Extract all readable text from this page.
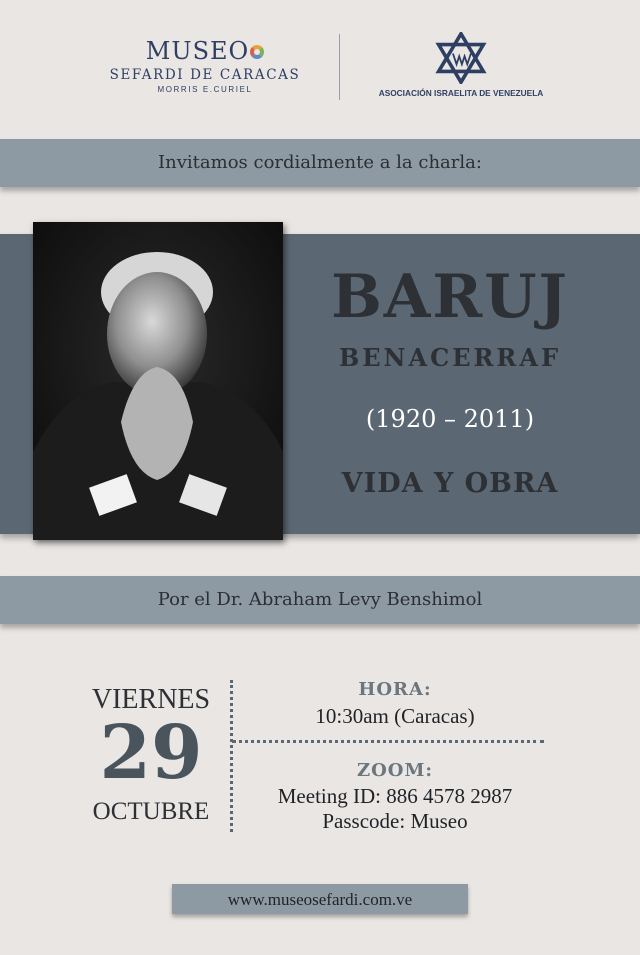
MUSEO
SEFARDI DE CARACAS
MORRIS E.CURIEL	ASOCIACIÓN ISRAELITA DE VENEZUELA
Invitamos cordialmente a la charla:
BARUJ
BENACERRAF
(1920 – 2011)
VIDA Y OBRA
Por el Dr. Abraham Levy Benshimol
VIERNES
29
OCTUBRE
HORA:
10:30am (Caracas)
ZOOM:
Meeting ID: 886 4578 2987
Passcode: Museo
www.museosefardi.com.ve
